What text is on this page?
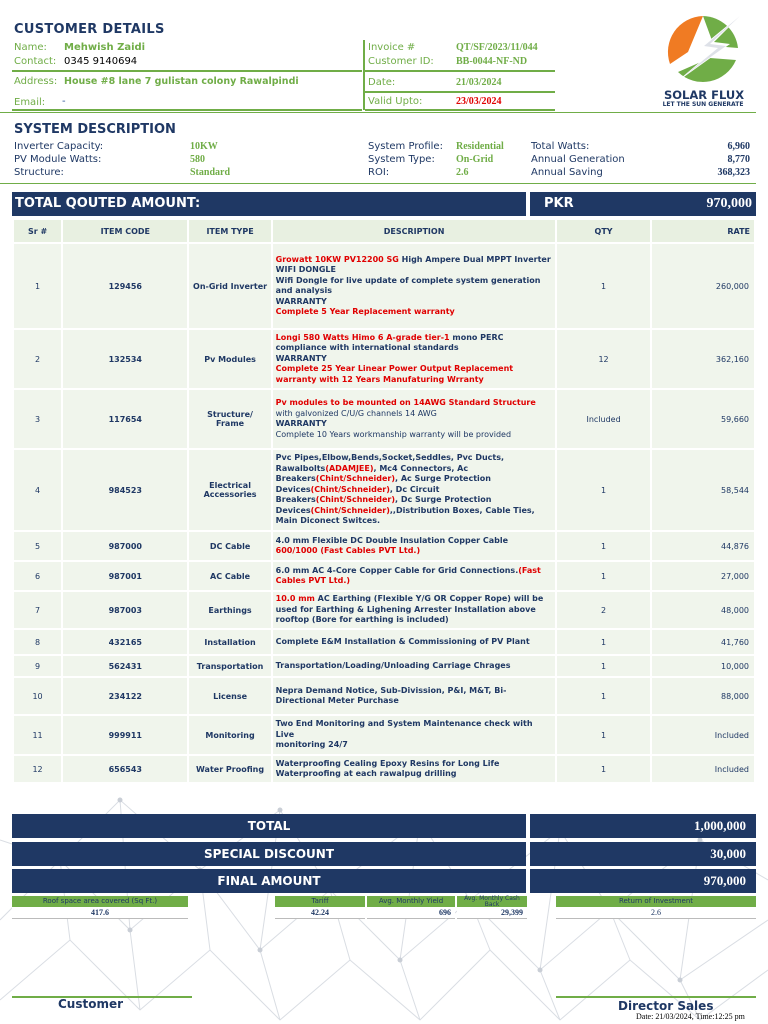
CUSTOMER DETAILS
Name: Mehwish Zaidi
Contact: 0345 9140694
Address: House #8 lane 7 gulistan colony Rawalpindi
Email: -
Invoice #	QT/SF/2023/11/044
Customer ID: BB-0044-NF-ND
Date:	21/03/2024
Valid Upto:	23/03/2024	SOLAR FLUX
LET THE SUN GENERATE
SYSTEM DESCRIPTION
Inverter Capacity:	10KW
PV Module Watts:	580
Structure:	Standard
System Profile: Residential
System Type: On-Grid
ROI:	2.6
Total Watts:	6,960
Annual Generation	8,770
Annual Saving	368,323
TOTAL QOUTED AMOUNT:	PKR	970,000
Sr #	ITEM CODE	ITEM TYPE	DESCRIPTION	QTY	RATE
1	129456	On-Grid Inverter	Growatt 10KW PV12200 SG High Ampere Dual MPPT Inverter
WIFI DONGLE
Wifi Dongle for live update of complete system generation and analysis
WARRANTY
Complete 5 Year Replacement warranty	1	260,000
2	132534	Pv Modules	Longi 580 Watts Himo 6 A-grade tier-1 mono PERC compliance with international standards
WARRANTY
Complete 25 Year Linear Power Output Replacement warranty with 12 Years Manufaturing Wrranty	12	362,160
3	117654	Structure/ Frame	Pv modules to be mounted on 14AWG Standard Structure
with galvonized C/U/G channels 14 AWG
WARRANTY
Complete 10 Years workmanship warranty will be provided	Included	59,660
4	984523	Electrical Accessories	Pvc Pipes,Elbow,Bends,Socket,Seddles, Pvc Ducts, Rawalbolts(ADAMJEE), Mc4 Connectors, Ac Breakers(Chint/Schneider), Ac Surge Protection Devices(Chint/Schneider), Dc Circuit Breakers(Chint/Schneider), Dc Surge Protection Devices(Chint/Schneider),,Distribution Boxes, Cable Ties, Main Diconect Switces.	1	58,544
5	987000	DC Cable	4.0 mm Flexible DC Double Insulation Copper Cable
600/1000 (Fast Cables PVT Ltd.)	1	44,876
6	987001	AC Cable	6.0 mm AC 4-Core Copper Cable for Grid Connections.(Fast Cables PVT Ltd.)	1	27,000
7	987003	Earthings	10.0 mm AC Earthing (Flexible Y/G OR Copper Rope) will be used for Earthing & Lighening Arrester Installation above rooftop (Bore for earthing is included)	2	48,000
8	432165	Installation	Complete E&M Installation & Commissioning of PV Plant	1	41,760
9	562431	Transportation	Transportation/Loading/Unloading Carriage Chrages	1	10,000
10	234122	License	Nepra Demand Notice, Sub-Divission, P&I, M&T, Bi-Directional Meter Purchase	1	88,000
11	999911	Monitoring	Two End Monitoring and System Maintenance check with Live
monitoring 24/7	1	Included
12	656543	Water Proofing	Waterproofing Cealing Epoxy Resins for Long Life
Waterproofing at each rawalpug drilling	1	Included
TOTAL	1,000,000
SPECIAL DISCOUNT	30,000
FINAL AMOUNT	970,000
Roof space area covered (Sq Ft.)
417.6
Tariff
42.24
Avg. Monthly Yield
696
Avg. Monthly Cash Back
29,399
Return of Investment
2.6
Customer	Director Sales
Date: 21/03/2024, Time:12:25 pm
